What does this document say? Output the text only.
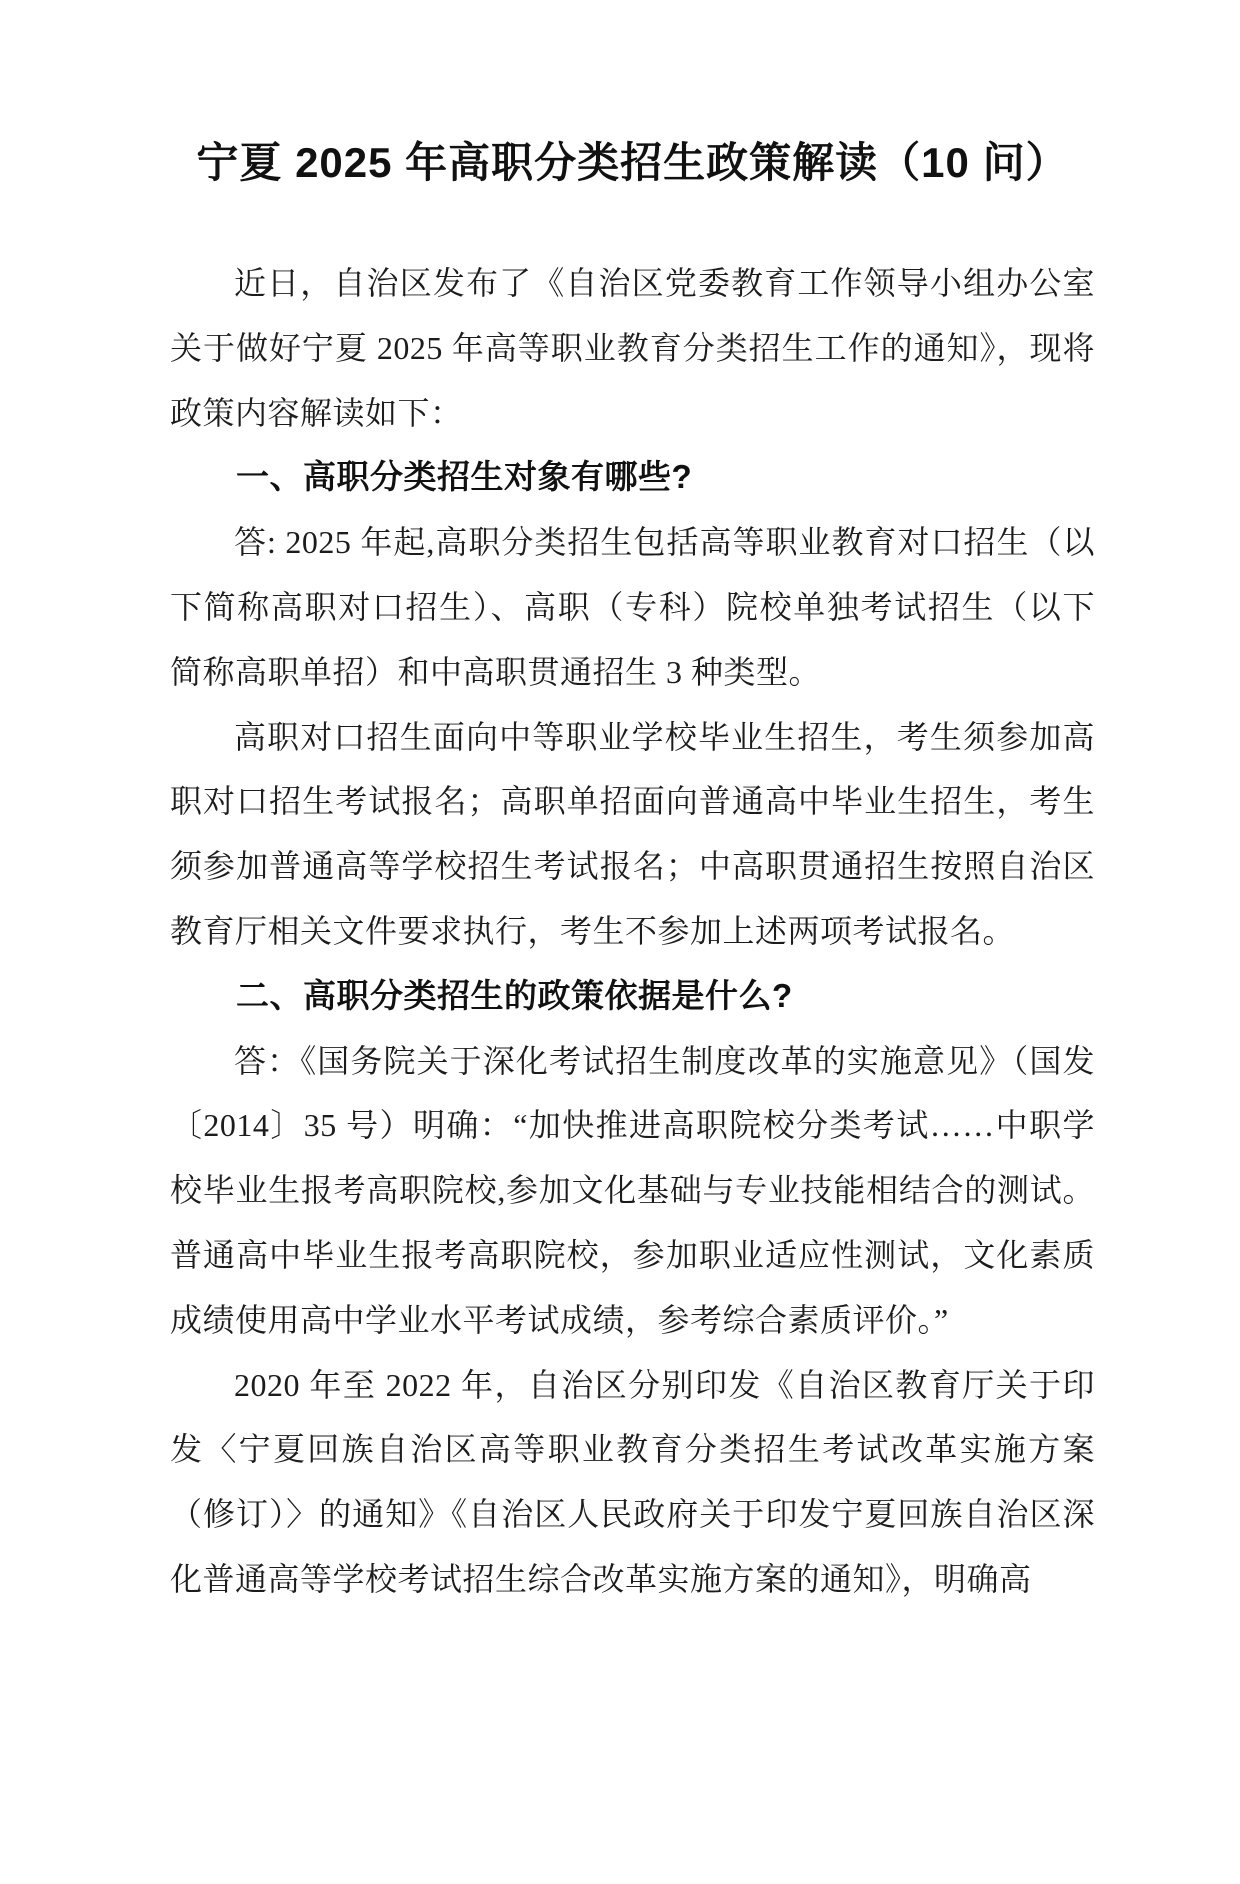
宁夏 2025 年高职分类招生政策解读（10 问）

近日，自治区发布了《自治区党委教育工作领导小组办公室关于做好宁夏 2025 年高等职业教育分类招生工作的通知》，现将政策内容解读如下：

一、高职分类招生对象有哪些?

答: 2025 年起,高职分类招生包括高等职业教育对口招生（以下简称高职对口招生）、高职（专科）院校单独考试招生（以下简称高职单招）和中高职贯通招生 3 种类型。

高职对口招生面向中等职业学校毕业生招生，考生须参加高职对口招生考试报名；高职单招面向普通高中毕业生招生，考生须参加普通高等学校招生考试报名；中高职贯通招生按照自治区教育厅相关文件要求执行，考生不参加上述两项考试报名。

二、高职分类招生的政策依据是什么?

答：《国务院关于深化考试招生制度改革的实施意见》（国发〔2014〕35 号）明确：“加快推进高职院校分类考试……中职学校毕业生报考高职院校,参加文化基础与专业技能相结合的测试。普通高中毕业生报考高职院校，参加职业适应性测试，文化素质成绩使用高中学业水平考试成绩，参考综合素质评价。”

2020 年至 2022 年，自治区分别印发《自治区教育厅关于印发〈宁夏回族自治区高等职业教育分类招生考试改革实施方案（修订）〉的通知》《自治区人民政府关于印发宁夏回族自治区深化普通高等学校考试招生综合改革实施方案的通知》，明确高
